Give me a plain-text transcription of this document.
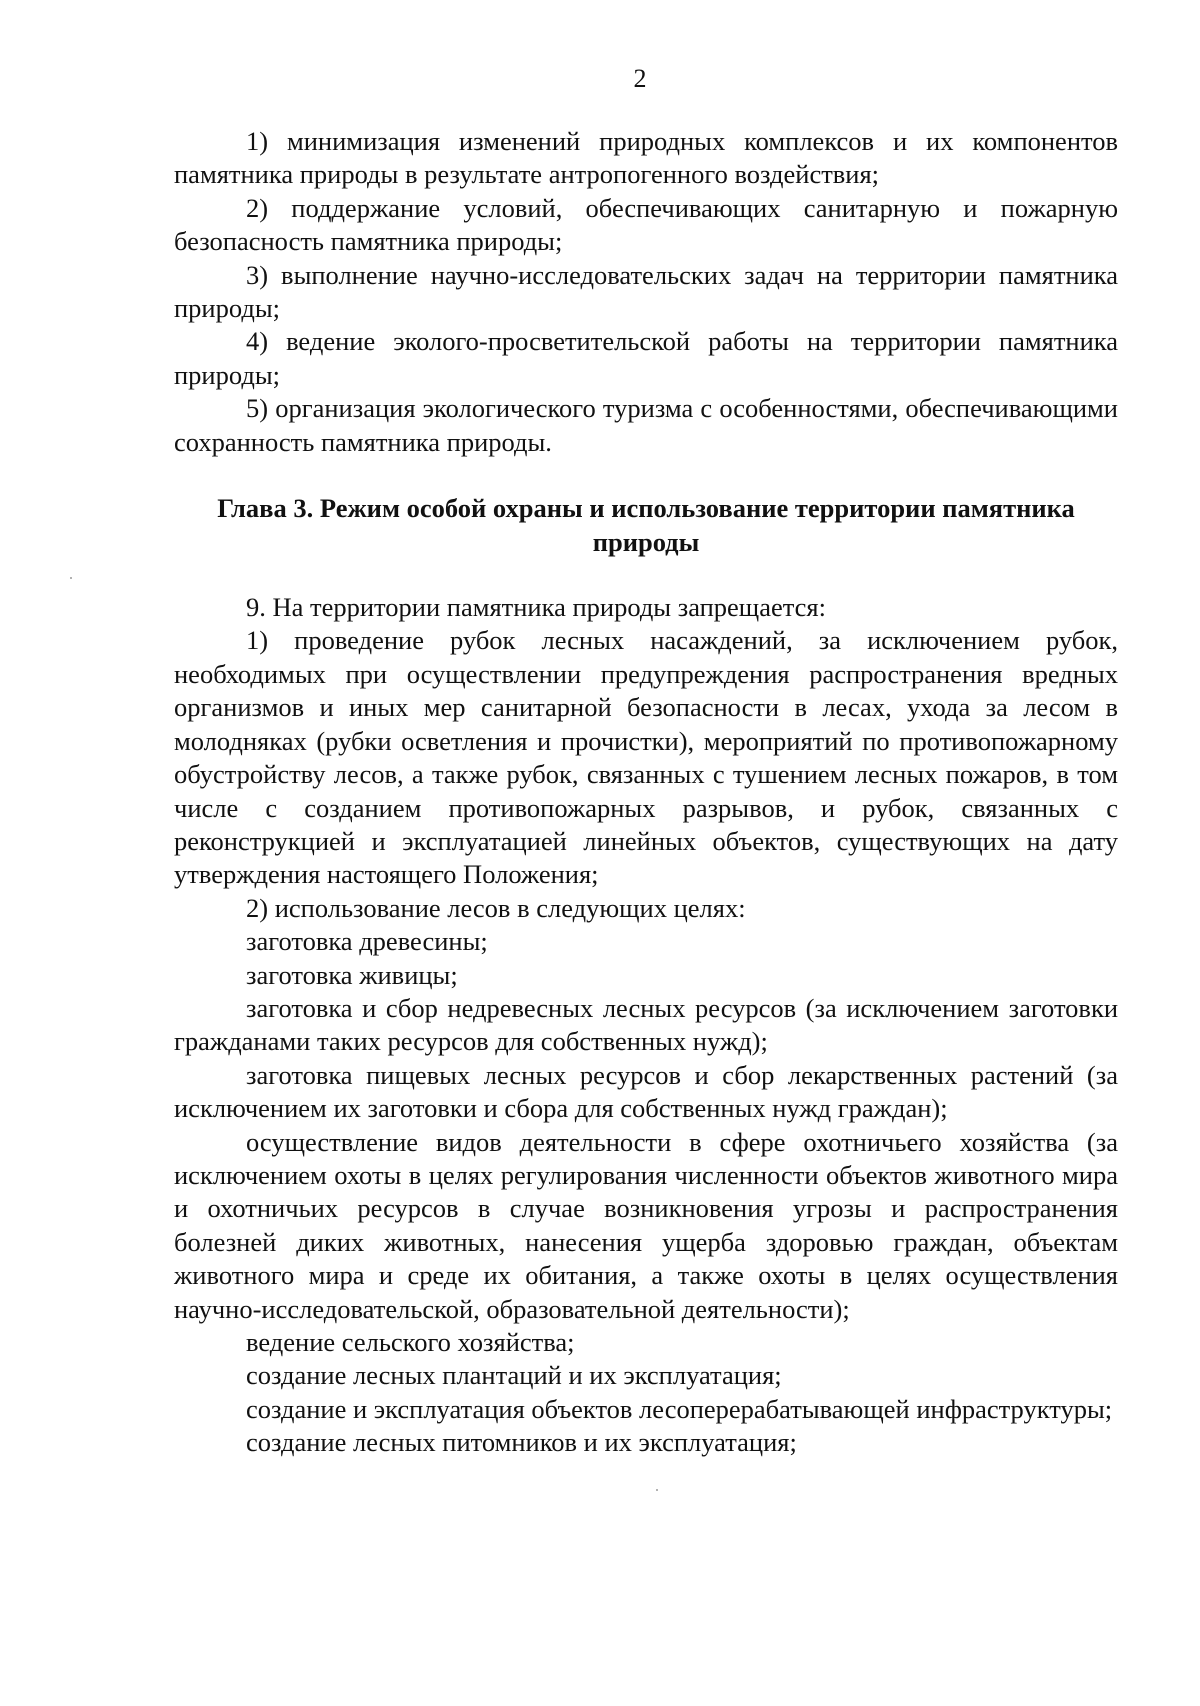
2

1) минимизация изменений природных комплексов и их компонентов памятника природы в результате антропогенного воздействия;

2) поддержание условий, обеспечивающих санитарную и пожарную безопасность памятника природы;

3) выполнение научно-исследовательских задач на территории памятника природы;

4) ведение эколого-просветительской работы на территории памятника природы;

5) организация экологического туризма с особенностями, обеспечивающими сохранность памятника природы.

Глава 3. Режим особой охраны и использование территории памятника природы

9. На территории памятника природы запрещается:

1) проведение рубок лесных насаждений, за исключением рубок, необходимых при осуществлении предупреждения распространения вредных организмов и иных мер санитарной безопасности в лесах, ухода за лесом в молодняках (рубки осветления и прочистки), мероприятий по противопожарному обустройству лесов, а также рубок, связанных с тушением лесных пожаров, в том числе с созданием противопожарных разрывов, и рубок, связанных с реконструкцией и эксплуатацией линейных объектов, существующих на дату утверждения настоящего Положения;

2) использование лесов в следующих целях:

заготовка древесины;

заготовка живицы;

заготовка и сбор недревесных лесных ресурсов (за исключением заготовки гражданами таких ресурсов для собственных нужд);

заготовка пищевых лесных ресурсов и сбор лекарственных растений (за исключением их заготовки и сбора для собственных нужд граждан);

осуществление видов деятельности в сфере охотничьего хозяйства (за исключением охоты в целях регулирования численности объектов животного мира и охотничьих ресурсов в случае возникновения угрозы и распространения болезней диких животных, нанесения ущерба здоровью граждан, объектам животного мира и среде их обитания, а также охоты в целях осуществления научно-исследовательской, образовательной деятельности);

ведение сельского хозяйства;

создание лесных плантаций и их эксплуатация;

создание и эксплуатация объектов лесоперерабатывающей инфраструктуры;

создание лесных питомников и их эксплуатация;
